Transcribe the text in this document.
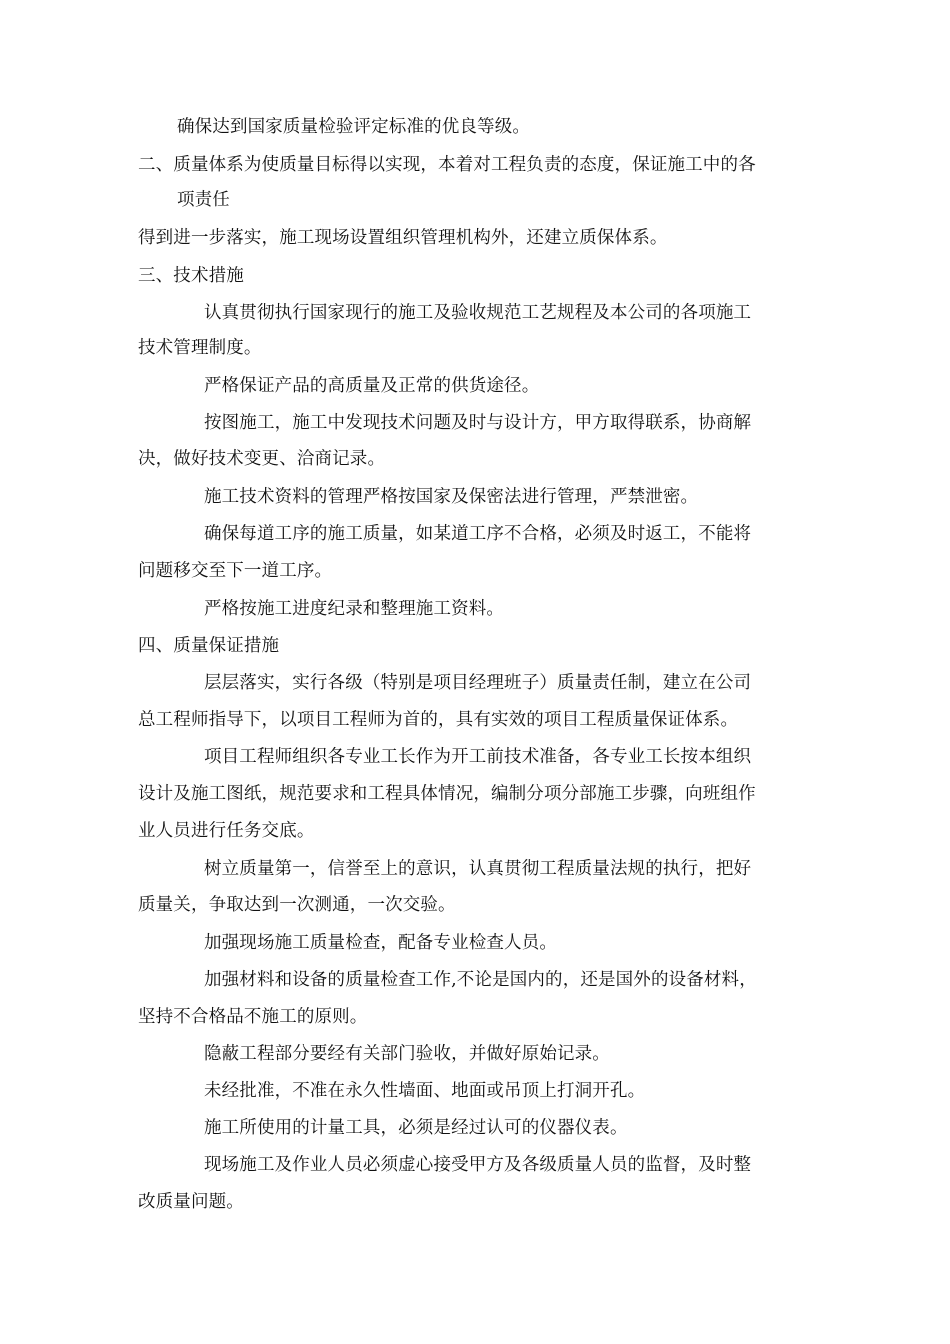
确保达到国家质量检验评定标准的优良等级。
二、质量体系为使质量目标得以实现，本着对工程负责的态度，保证施工中的各
项责任
得到进一步落实，施工现场设置组织管理机构外，还建立质保体系。
三、技术措施
认真贯彻执行国家现行的施工及验收规范工艺规程及本公司的各项施工
技术管理制度。
严格保证产品的高质量及正常的供货途径。
按图施工，施工中发现技术问题及时与设计方，甲方取得联系，协商解
决，做好技术变更、洽商记录。
施工技术资料的管理严格按国家及保密法进行管理，严禁泄密。
确保每道工序的施工质量，如某道工序不合格，必须及时返工，不能将
问题移交至下一道工序。
严格按施工进度纪录和整理施工资料。
四、质量保证措施
层层落实，实行各级（特别是项目经理班子）质量责任制，建立在公司
总工程师指导下，以项目工程师为首的，具有实效的项目工程质量保证体系。
项目工程师组织各专业工长作为开工前技术准备，各专业工长按本组织
设计及施工图纸，规范要求和工程具体情况，编制分项分部施工步骤，向班组作
业人员进行任务交底。
树立质量第一，信誉至上的意识，认真贯彻工程质量法规的执行，把好
质量关，争取达到一次测通，一次交验。
加强现场施工质量检查，配备专业检查人员。
加强材料和设备的质量检查工作,不论是国内的，还是国外的设备材料，
坚持不合格品不施工的原则。
隐蔽工程部分要经有关部门验收，并做好原始记录。
未经批准，不准在永久性墙面、地面或吊顶上打洞开孔。
施工所使用的计量工具，必须是经过认可的仪器仪表。
现场施工及作业人员必须虚心接受甲方及各级质量人员的监督，及时整
改质量问题。
